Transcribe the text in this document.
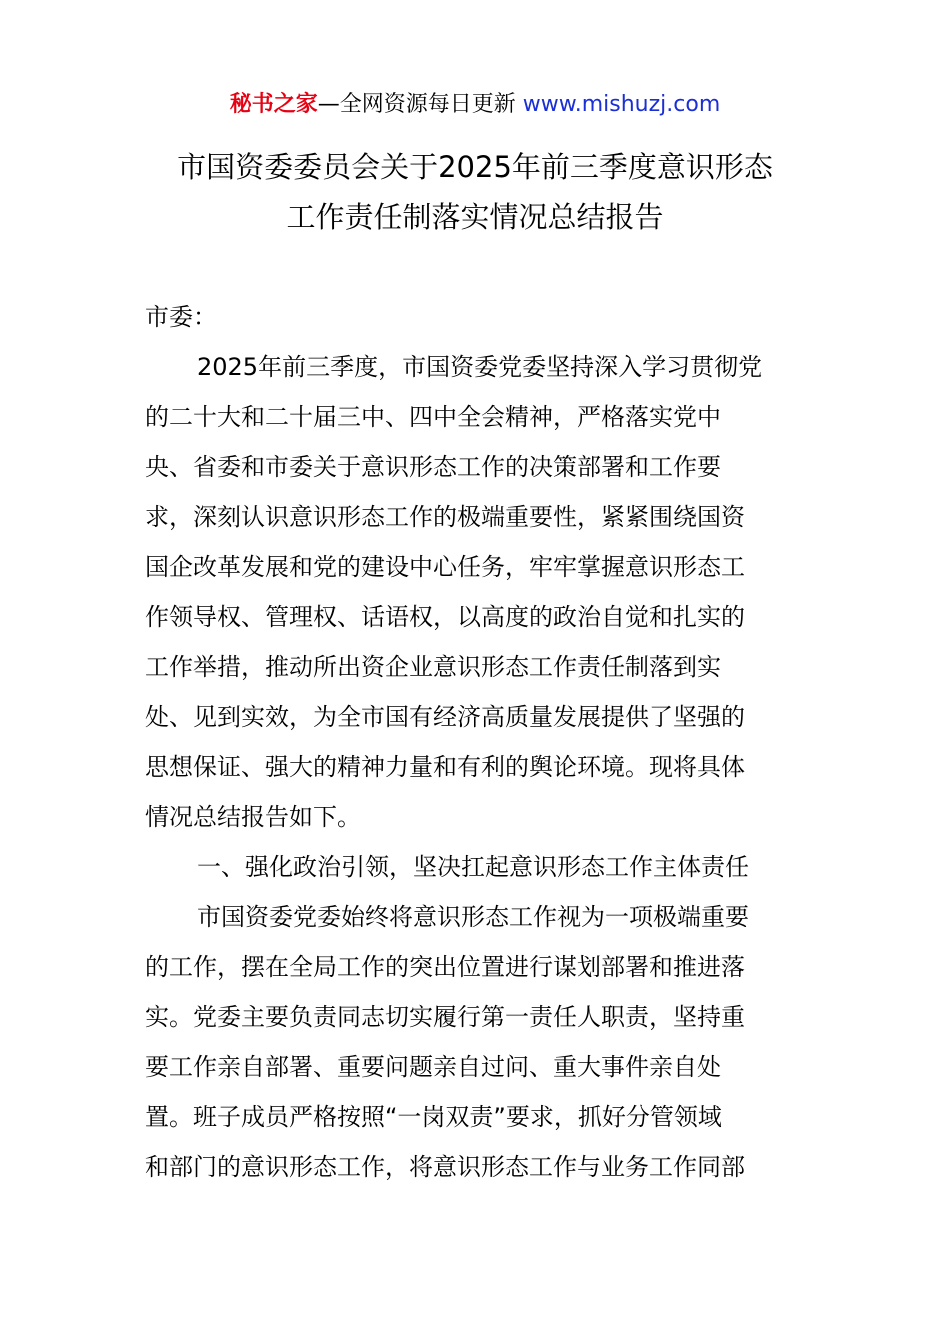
秘书之家—全网资源每日更新 www.mishuzj.com
市国资委委员会关于2025年前三季度意识形态
工作责任制落实情况总结报告
市委：
2025年前三季度，市国资委党委坚持深入学习贯彻党
的二十大和二十届三中、四中全会精神，严格落实党中
央、省委和市委关于意识形态工作的决策部署和工作要
求，深刻认识意识形态工作的极端重要性，紧紧围绕国资
国企改革发展和党的建设中心任务，牢牢掌握意识形态工
作领导权、管理权、话语权，以高度的政治自觉和扎实的
工作举措，推动所出资企业意识形态工作责任制落到实
处、见到实效，为全市国有经济高质量发展提供了坚强的
思想保证、强大的精神力量和有利的舆论环境。现将具体
情况总结报告如下。
一、强化政治引领，坚决扛起意识形态工作主体责任
市国资委党委始终将意识形态工作视为一项极端重要
的工作，摆在全局工作的突出位置进行谋划部署和推进落
实。党委主要负责同志切实履行第一责任人职责，坚持重
要工作亲自部署、重要问题亲自过问、重大事件亲自处
置。班子成员严格按照“一岗双责”要求，抓好分管领域
和部门的意识形态工作，将意识形态工作与业务工作同部
